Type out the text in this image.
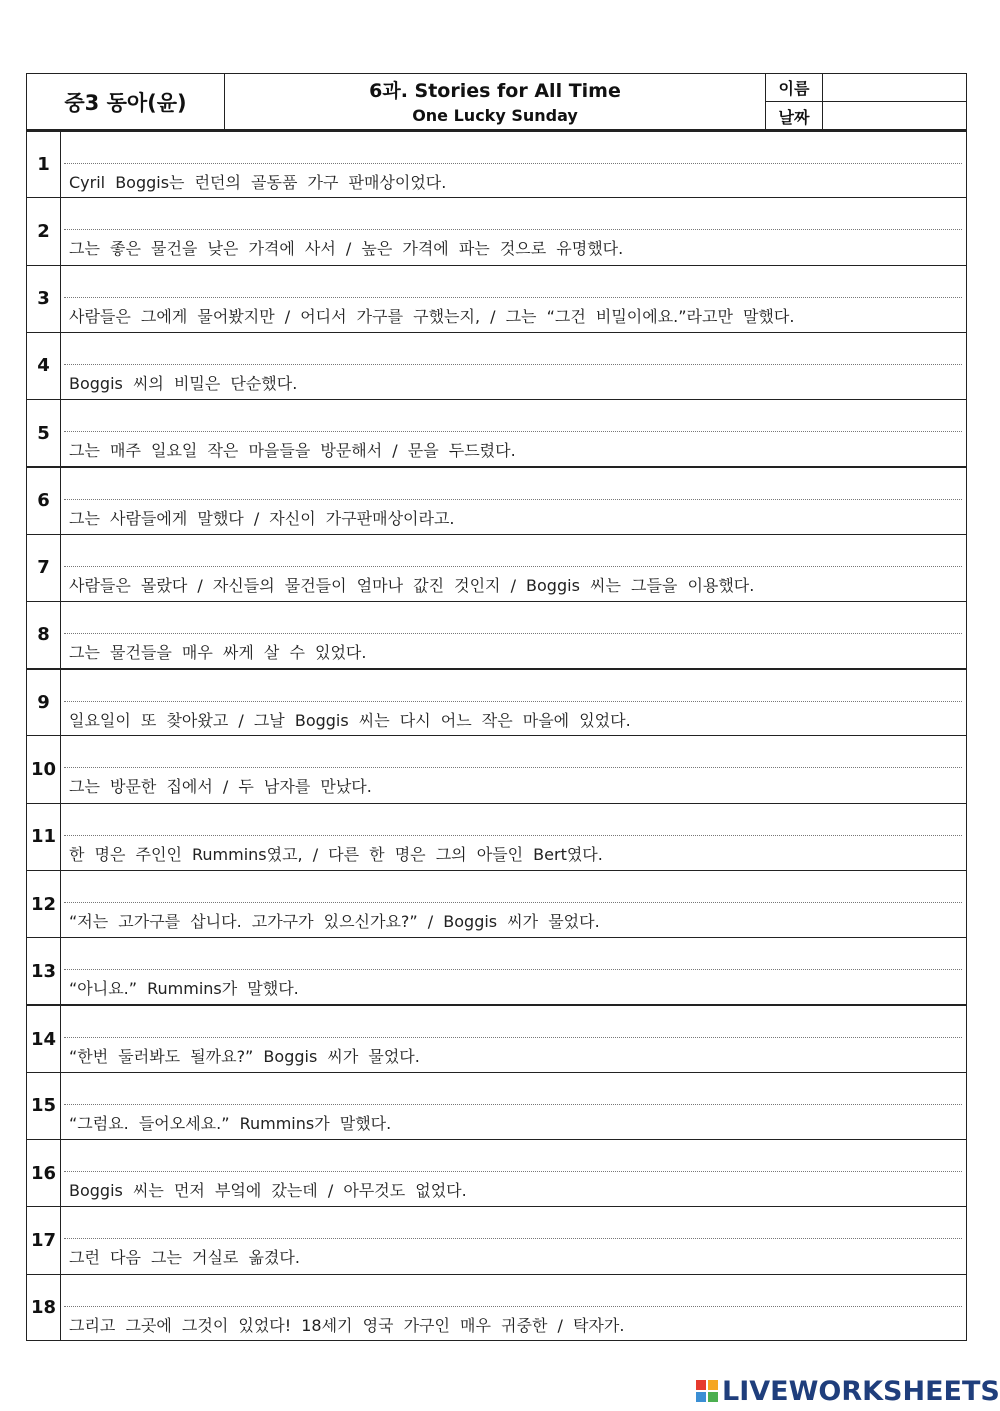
중3 동아(윤)	6과. Stories for All Time
One Lucky Sunday
이름
날짜
1
Cyril Boggis는 런던의 골동품 가구 판매상이었다.
2
그는 좋은 물건을 낮은 가격에 사서 / 높은 가격에 파는 것으로 유명했다.
3
사람들은 그에게 물어봤지만 / 어디서 가구를 구했는지, / 그는 “그건 비밀이에요.”라고만 말했다.
4
Boggis 씨의 비밀은 단순했다.
5
그는 매주 일요일 작은 마을들을 방문해서 / 문을 두드렸다.
6
그는 사람들에게 말했다 / 자신이 가구판매상이라고.
7
사람들은 몰랐다 / 자신들의 물건들이 얼마나 값진 것인지 / Boggis 씨는 그들을 이용했다.
8
그는 물건들을 매우 싸게 살 수 있었다.
9
일요일이 또 찾아왔고 / 그날 Boggis 씨는 다시 어느 작은 마을에 있었다.
10
그는 방문한 집에서 / 두 남자를 만났다.
11
한 명은 주인인 Rummins였고, / 다른 한 명은 그의 아들인 Bert였다.
12
“저는 고가구를 삽니다. 고가구가 있으신가요?” / Boggis 씨가 물었다.
13
“아니요.” Rummins가 말했다.
14
“한번 둘러봐도 될까요?” Boggis 씨가 물었다.
15
“그럼요. 들어오세요.” Rummins가 말했다.
16
Boggis 씨는 먼저 부엌에 갔는데 / 아무것도 없었다.
17
그런 다음 그는 거실로 옮겼다.
18
그리고 그곳에 그것이 있었다! 18세기 영국 가구인 매우 귀중한 / 탁자가.
LIVEWORKSHEETS
